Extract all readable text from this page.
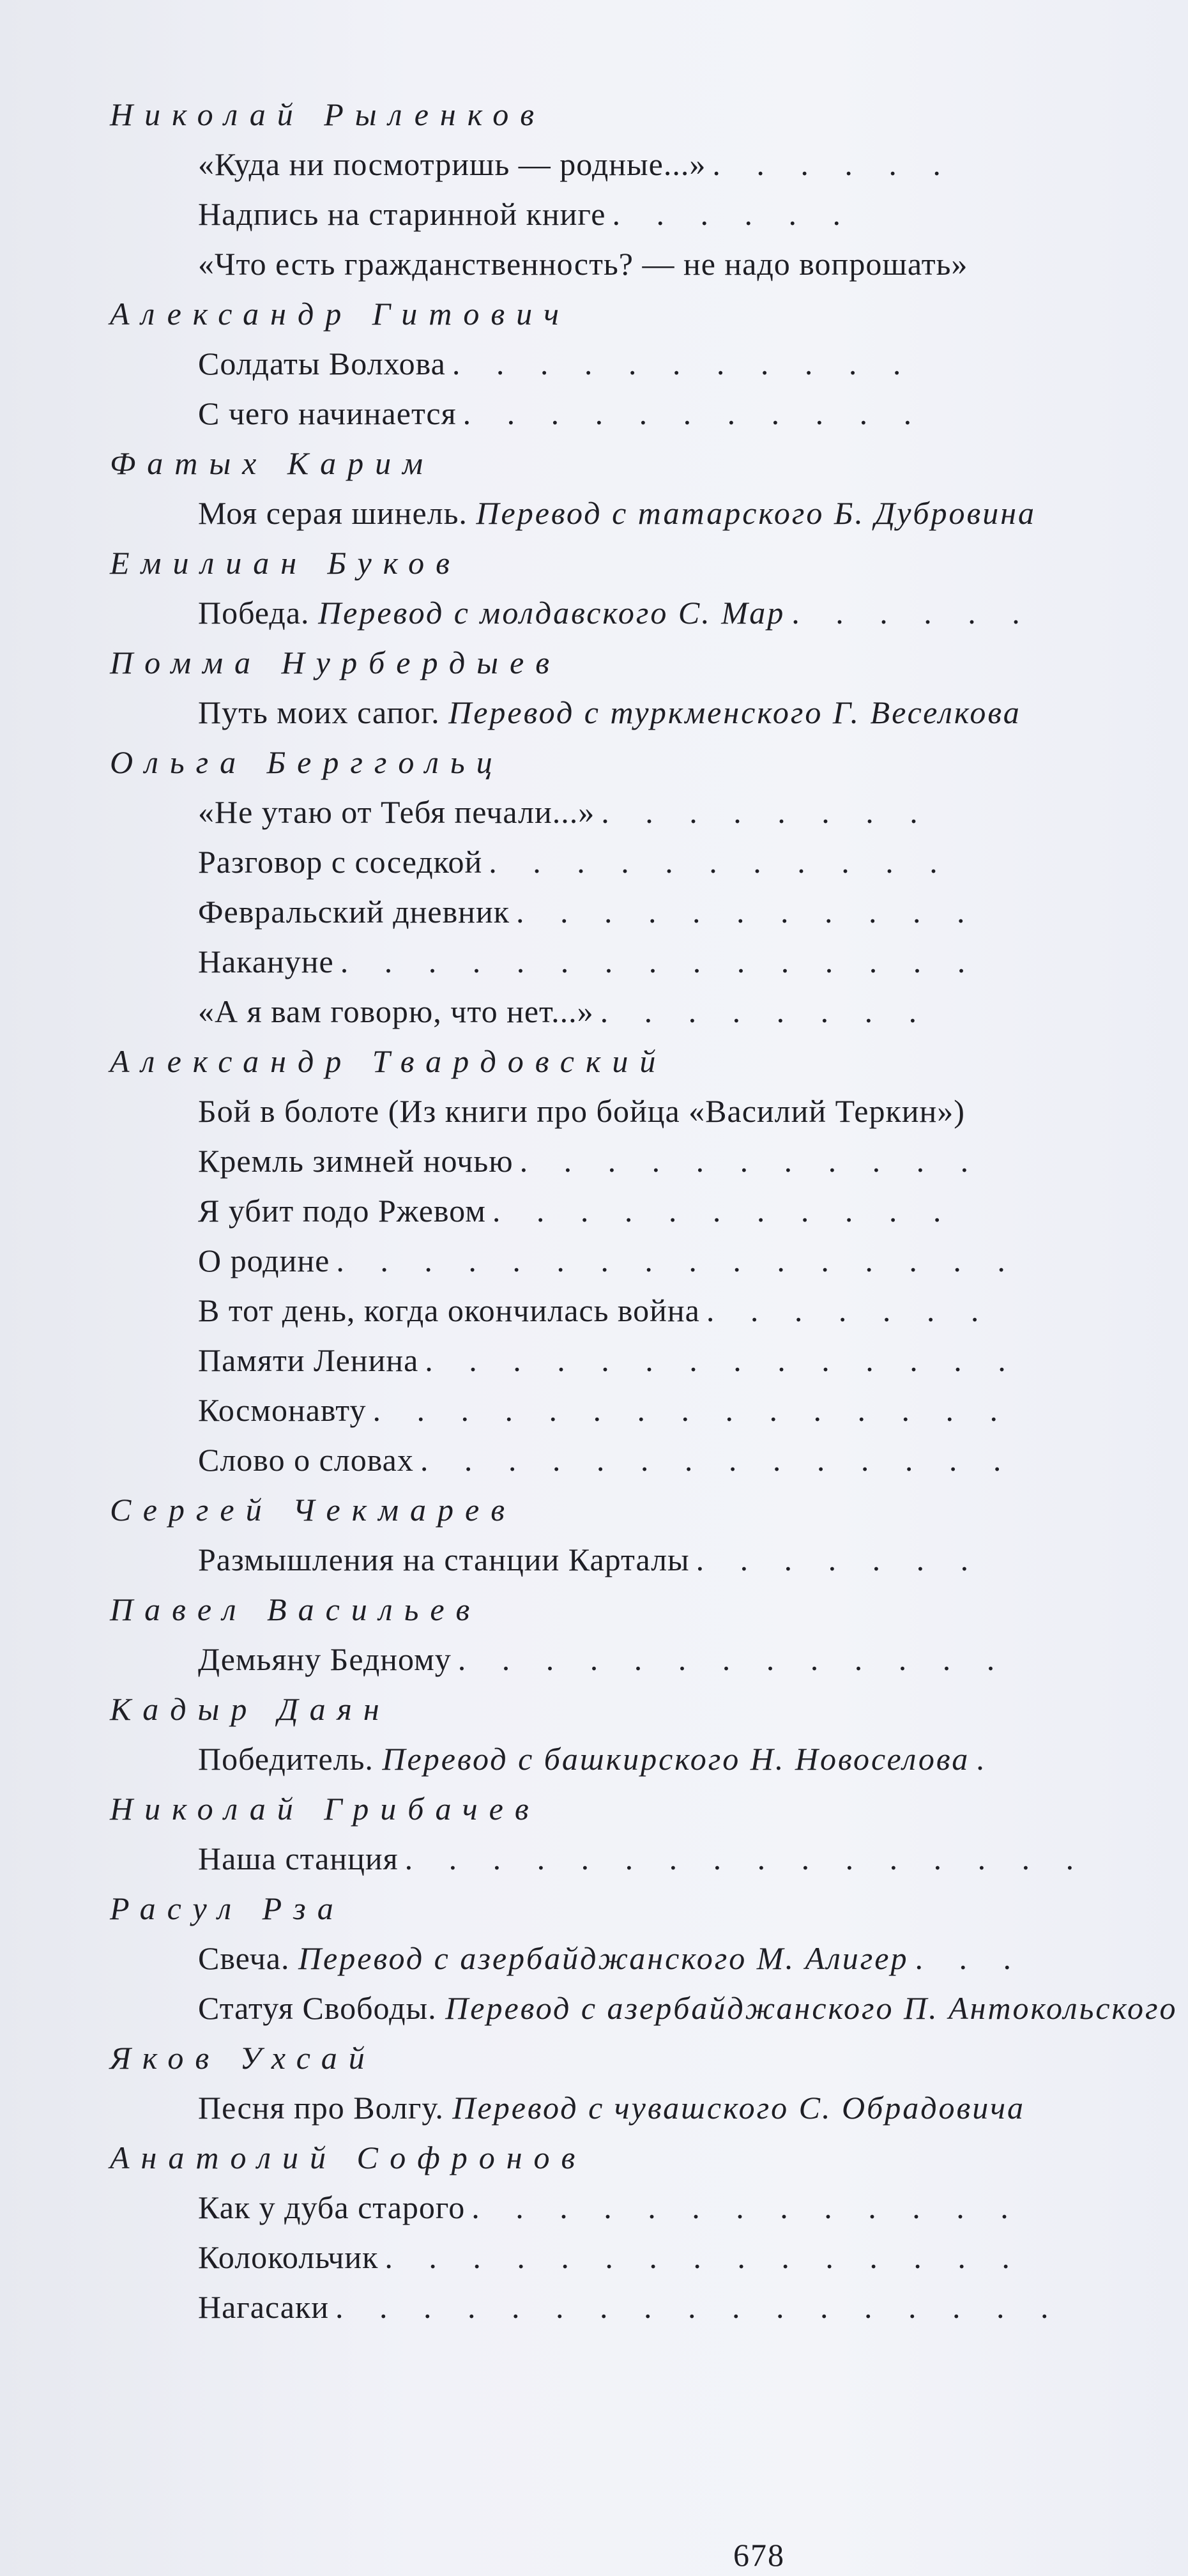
Николай Рыленков
«Куда ни посмотришь — родные...» . . . . . .
Надпись на старинной книге . . . . . .
«Что есть гражданственность? — не надо вопрошать»
Александр Гитович
Солдаты Волхова . . . . . . . . . . .
С чего начинается . . . . . . . . . . .
Фатых Карим
Моя серая шинель. Перевод с татарского Б. Дубровина
Емилиан Буков
Победа. Перевод с молдавского С. Мар . . . . . .
Помма Нурбердыев
Путь моих сапог. Перевод с туркменского Г. Веселкова
Ольга Берггольц
«Не утаю от Тебя печали...» . . . . . . . .
Разговор с соседкой . . . . . . . . . . .
Февральский дневник . . . . . . . . . . .
Накануне . . . . . . . . . . . . . . .
«А я вам говорю, что нет...» . . . . . . . .
Александр Твардовский
Бой в болоте (Из книги про бойца «Василий Теркин»)
Кремль зимней ночью . . . . . . . . . . .
Я убит подо Ржевом . . . . . . . . . . .
О родине . . . . . . . . . . . . . . . .
В тот день, когда окончилась война . . . . . . .
Памяти Ленина . . . . . . . . . . . . . .
Космонавту . . . . . . . . . . . . . . .
Слово о словах . . . . . . . . . . . . . .
Сергей Чекмарев
Размышления на станции Карталы . . . . . . .
Павел Васильев
Демьяну Бедному . . . . . . . . . . . . .
Кадыр Даян
Победитель. Перевод с башкирского Н. Новоселова .
Николай Грибачев
Наша станция . . . . . . . . . . . . . . . .
Расул Рза
Свеча. Перевод с азербайджанского М. Алигер . . .
Статуя Свободы. Перевод с азербайджанского П. Антокольского
Яков Ухсай
Песня про Волгу. Перевод с чувашского С. Обрадовича
Анатолий Софронов
Как у дуба старого . . . . . . . . . . . . .
Колокольчик . . . . . . . . . . . . . . .
Нагасаки . . . . . . . . . . . . . . . . .
678
